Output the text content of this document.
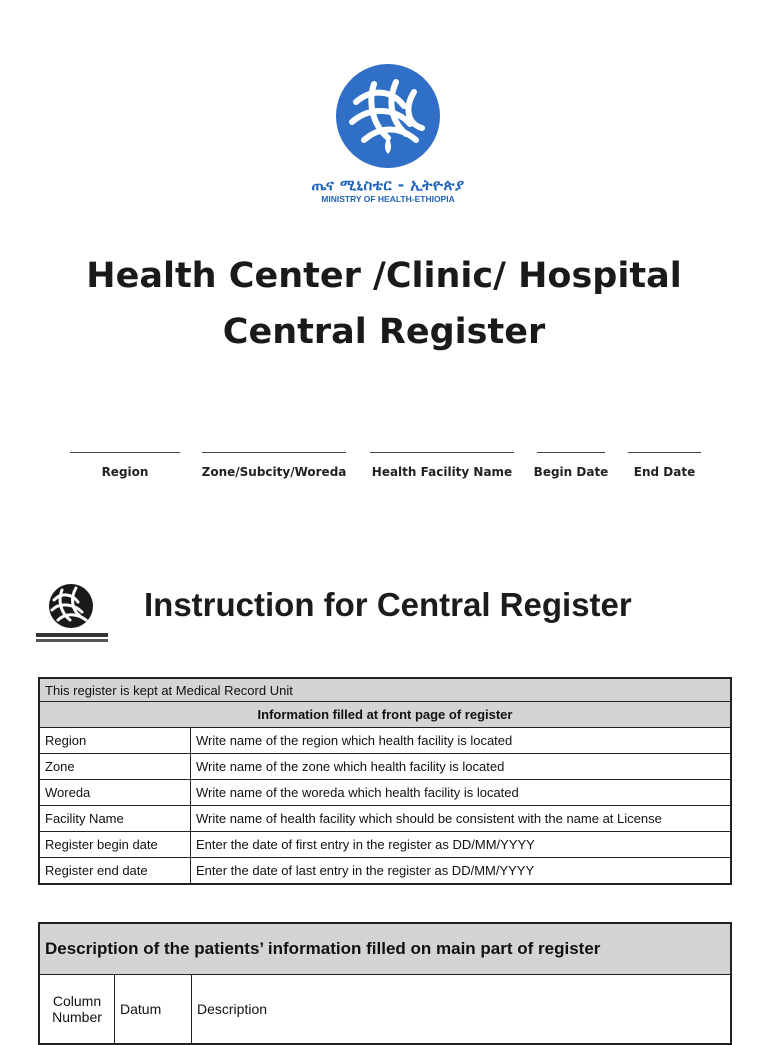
ጤና ሚኒስቴር - ኢትዮጵያ
MINISTRY OF HEALTH-ETHIOPIA
Health Center /Clinic/ Hospital
Central Register
Region	Zone/Subcity/Woreda	Health Facility Name	Begin Date	End Date
Instruction for Central Register
This register is kept at Medical Record Unit	
Information filled at front page of register	
Region	Write name of the region which health facility is located
Zone	Write name of the zone which health facility is located
Woreda	Write name of the woreda which health facility is located
Facility Name	Write name of health facility which should be consistent with the name at License
Register begin date	Enter the date of first entry in the register as DD/MM/YYYY
Register end date	Enter the date of last entry in the register as DD/MM/YYYY
Description of the patients’ information filled on main part of register
Column Number	Datum	Description
